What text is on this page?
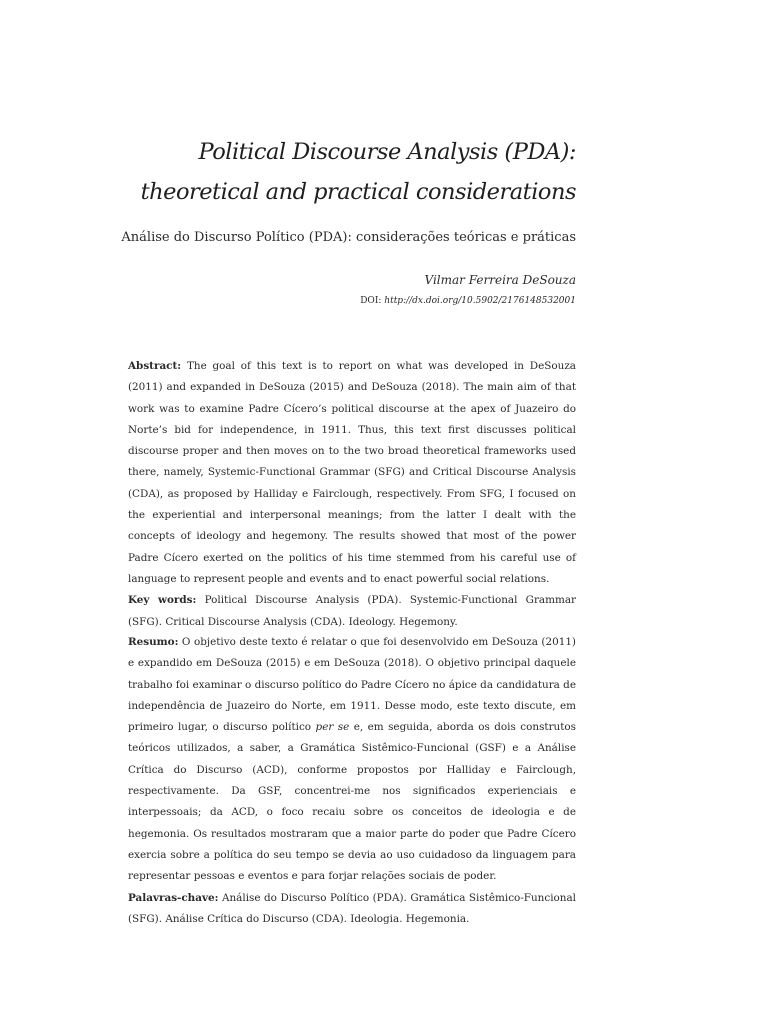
Political Discourse Analysis (PDA):
theoretical and practical considerations
Análise do Discurso Político (PDA): considerações teóricas e práticas
Vilmar Ferreira DeSouza
DOI: http://dx.doi.org/10.5902/2176148532001

Abstract: The goal of this text is to report on what was developed in DeSouza (2011) and expanded in DeSouza (2015) and DeSouza (2018). The main aim of that work was to examine Padre Cícero’s political discourse at the apex of Juazeiro do Norte’s bid for independence, in 1911. Thus, this text first discusses political discourse proper and then moves on to the two broad theoretical frameworks used there, namely, Systemic-Functional Grammar (SFG) and Critical Discourse Analysis (CDA), as proposed by Halliday e Fairclough, respectively. From SFG, I focused on the experiential and interpersonal meanings; from the latter I dealt with the concepts of ideology and hegemony. The results showed that most of the power Padre Cícero exerted on the politics of his time stemmed from his careful use of language to represent people and events and to enact powerful social relations.

Key words: Political Discourse Analysis (PDA). Systemic-Functional Grammar (SFG). Critical Discourse Analysis (CDA). Ideology. Hegemony.

Resumo: O objetivo deste texto é relatar o que foi desenvolvido em DeSouza (2011) e expandido em DeSouza (2015) e em DeSouza (2018). O objetivo principal daquele trabalho foi examinar o discurso político do Padre Cícero no ápice da candidatura de independência de Juazeiro do Norte, em 1911. Desse modo, este texto discute, em primeiro lugar, o discurso político per se e, em seguida, aborda os dois construtos teóricos utilizados, a saber, a Gramática Sistêmico-Funcional (GSF) e a Análise Crítica do Discurso (ACD), conforme propostos por Halliday e Fairclough, respectivamente. Da GSF, concentrei-me nos significados experienciais e interpessoais; da ACD, o foco recaiu sobre os conceitos de ideologia e de hegemonia. Os resultados mostraram que a maior parte do poder que Padre Cícero exercia sobre a política do seu tempo se devia ao uso cuidadoso da linguagem para representar pessoas e eventos e para forjar relações sociais de poder.

Palavras-chave: Análise do Discurso Político (PDA). Gramática Sistêmico-Funcional (SFG). Análise Crítica do Discurso (CDA). Ideologia. Hegemonia.
